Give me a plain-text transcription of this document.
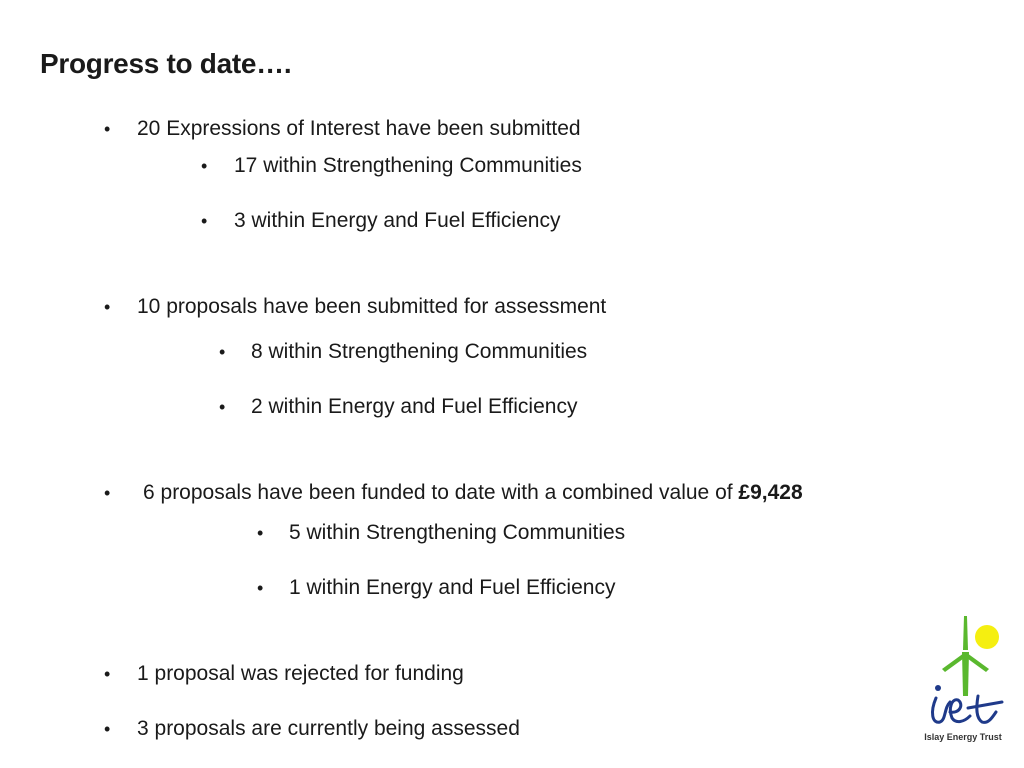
Progress to date….
• 20 Expressions of Interest have been submitted
• 17 within Strengthening Communities
• 3 within Energy and Fuel Efficiency
• 10 proposals have been submitted for assessment
• 8 within Strengthening Communities
• 2 within Energy and Fuel Efficiency
• 6 proposals have been funded to date with a combined value of £9,428
• 5 within Strengthening Communities
• 1 within Energy and Fuel Efficiency
• 1 proposal was rejected for funding
• 3 proposals are currently being assessed	Islay Energy Trust
